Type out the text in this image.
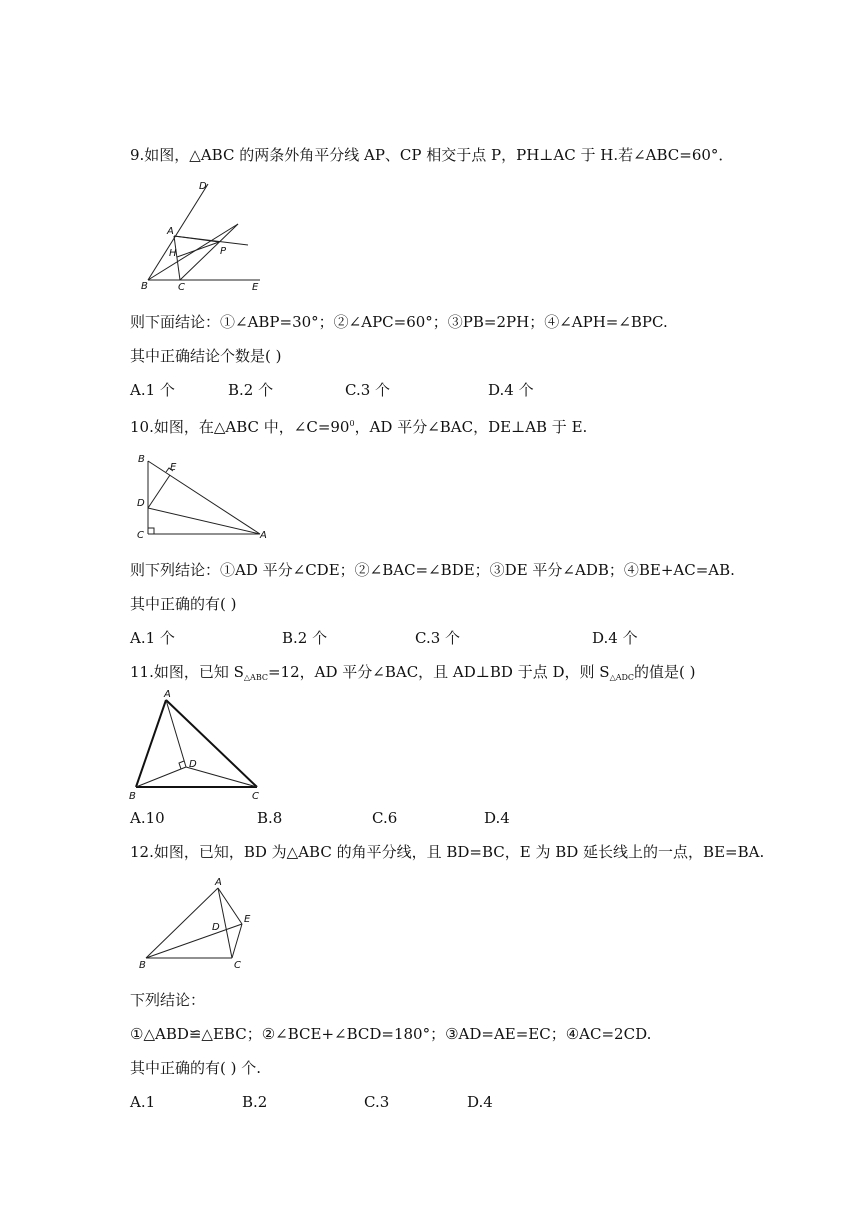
9.如图，△ABC 的两条外角平分线 AP、CP 相交于点 P，PH⊥AC 于 H.若∠ABC=60°．
D
A
H	P
B	C	E
则下面结论：①∠ABP=30°；②∠APC=60°；③PB=2PH；④∠APH=∠BPC.
其中正确结论个数是( )
A.1 个	B.2 个	C.3 个	D.4 个
10.如图，在△ABC 中，$\angle C=90^0$，AD 平分∠BAC，DE⊥AB 于 E.
B
E
D
C	A
则下列结论：①AD 平分∠CDE；②∠BAC=∠BDE；③DE 平分∠ADB；④BE+AC=AB.
其中正确的有( )
A.1 个	B.2 个	C.3 个	D.4 个
11.如图，已知 $S_{\triangle ABC}=12$，AD 平分∠BAC，且 AD⊥BD 于点 D，则 $S_{\triangle ADC}$的值是( )
A
D
B	C
A.10	B.8	C.6	D.4
12.如图，已知，BD 为△ABC 的角平分线，且 BD=BC，E 为 BD 延长线上的一点，BE=BA.
A
E
D
B	C
下列结论：
①△ABD≌△EBC；②∠BCE+∠BCD=180°；③AD=AE=EC；④AC=2CD.
其中正确的有( ) 个.
A.1	B.2	C.3	D.4
